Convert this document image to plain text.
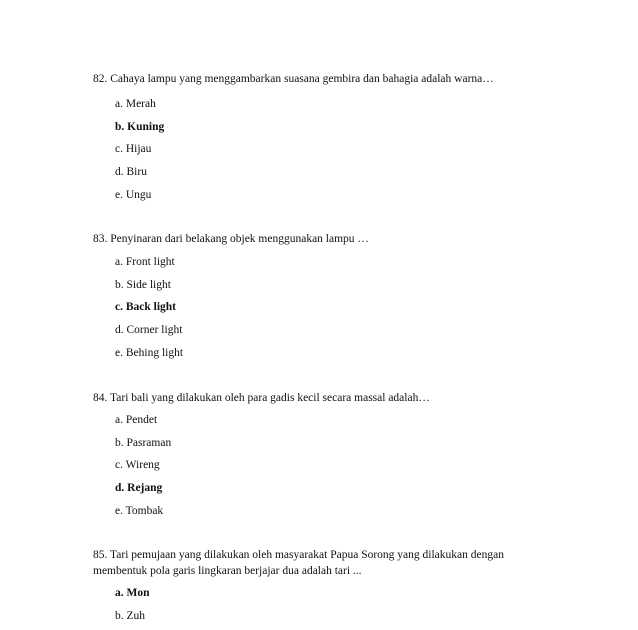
82. Cahaya lampu yang menggambarkan suasana gembira dan bahagia adalah warna…
a. Merah
b. Kuning
c. Hijau
d. Biru
e. Ungu
83. Penyinaran dari belakang objek menggunakan lampu …
a. Front light
b. Side light
c. Back light
d. Corner light
e. Behing light
84. Tari bali yang dilakukan oleh para gadis kecil secara massal adalah…
a. Pendet
b. Pasraman
c. Wireng
d. Rejang
e. Tombak
85. Tari pemujaan yang dilakukan oleh masyarakat Papua Sorong yang dilakukan dengan membentuk pola garis lingkaran berjajar dua adalah tari ...
a. Mon
b. Zuh
